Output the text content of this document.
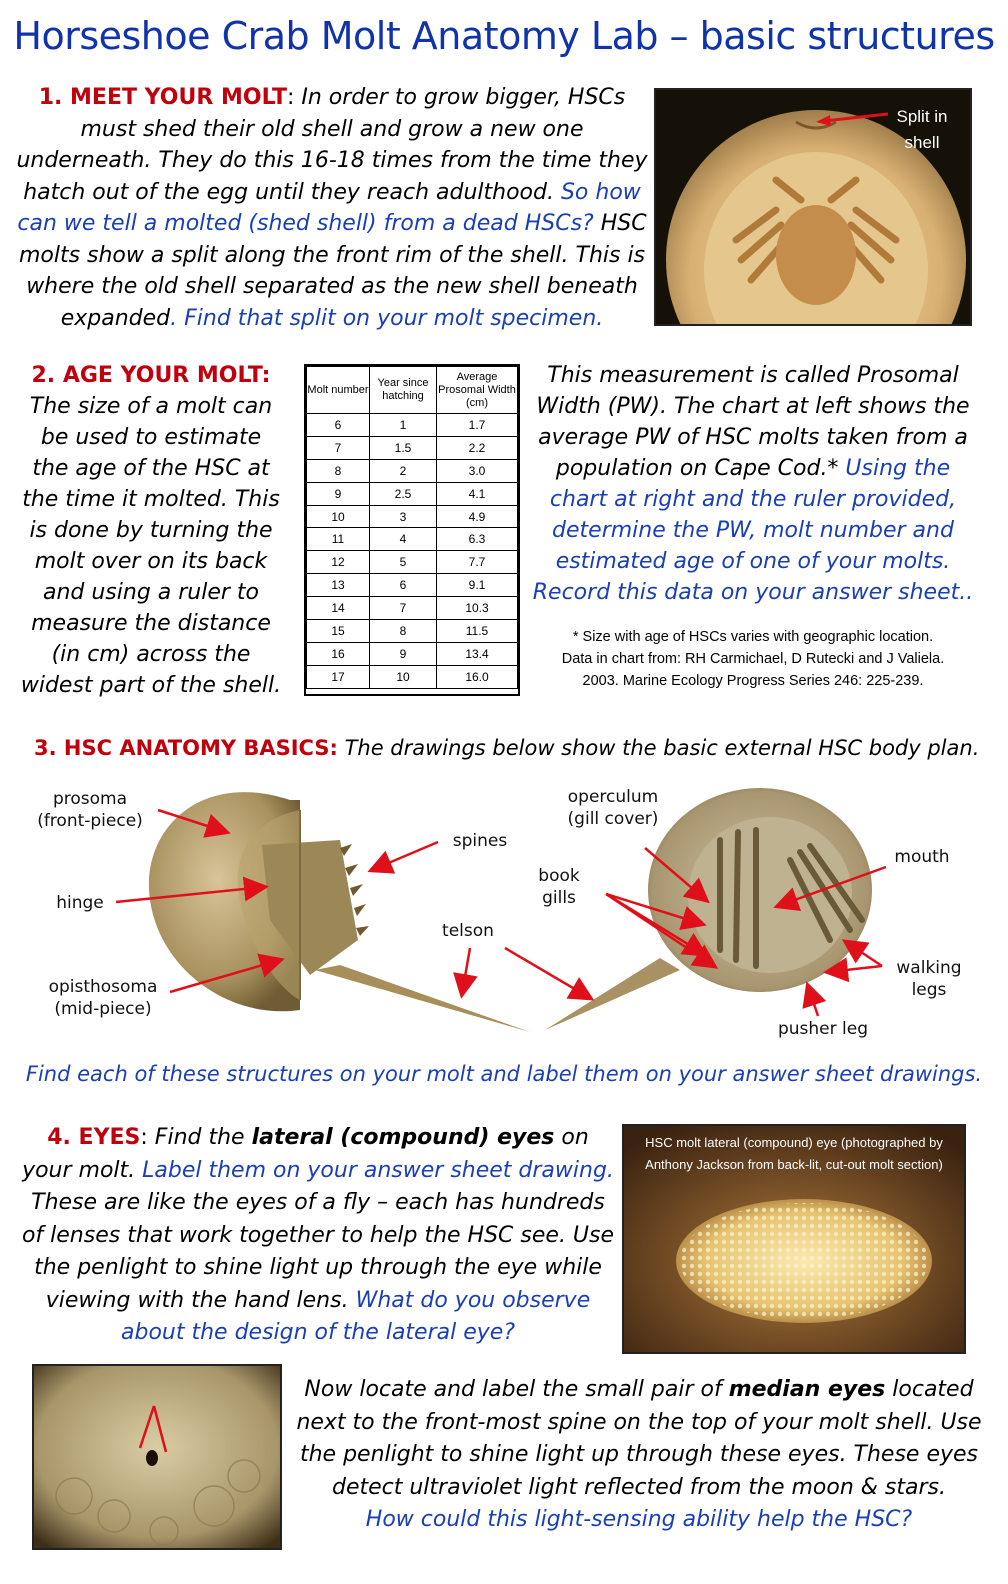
Horseshoe Crab Molt Anatomy Lab – basic structures
1. MEET YOUR MOLT: In order to grow bigger, HSCs must shed their old shell and grow a new one underneath. They do this 16-18 times from the time they hatch out of the egg until they reach adulthood. So how can we tell a molted (shed shell) from a dead HSCs? HSC molts show a split along the front rim of the shell. This is where the old shell separated as the new shell beneath expanded. Find that split on your molt specimen.
Split in shell
2. AGE YOUR MOLT:
The size of a molt can be used to estimate the age of the HSC at the time it molted. This is done by turning the molt over on its back and using a ruler to measure the distance (in cm) across the widest part of the shell.
Molt number	Year since hatching	Average Prosomal Width (cm)
6	1	1.7
7	1.5	2.2
8	2	3.0
9	2.5	4.1
10	3	4.9
11	4	6.3
12	5	7.7
13	6	9.1
14	7	10.3
15	8	11.5
16	9	13.4
17	10	16.0
This measurement is called Prosomal Width (PW). The chart at left shows the average PW of HSC molts taken from a population on Cape Cod.* Using the chart at right and the ruler provided, determine the PW, molt number and estimated age of one of your molts. Record this data on your answer sheet..
* Size with age of HSCs varies with geographic location.
Data in chart from: RH Carmichael, D Rutecki and J Valiela.
2003. Marine Ecology Progress Series 246: 225-239.
3. HSC ANATOMY BASICS: The drawings below show the basic external HSC body plan.
prosoma
(front-piece)
hinge
opisthosoma
(mid-piece)
spines
telson
operculum
(gill cover)
book
gills
mouth
walking
legs
pusher leg
Find each of these structures on your molt and label them on your answer sheet drawings.
4. EYES: Find the lateral (compound) eyes on your molt. Label them on your answer sheet drawing. These are like the eyes of a fly – each has hundreds of lenses that work together to help the HSC see. Use the penlight to shine light up through the eye while viewing with the hand lens. What do you observe about the design of the lateral eye?
HSC molt lateral (compound) eye (photographed by
Anthony Jackson from back-lit, cut-out molt section)
Now locate and label the small pair of median eyes located next to the front-most spine on the top of your molt shell. Use the penlight to shine light up through these eyes. These eyes detect ultraviolet light reflected from the moon & stars.
How could this light-sensing ability help the HSC?
